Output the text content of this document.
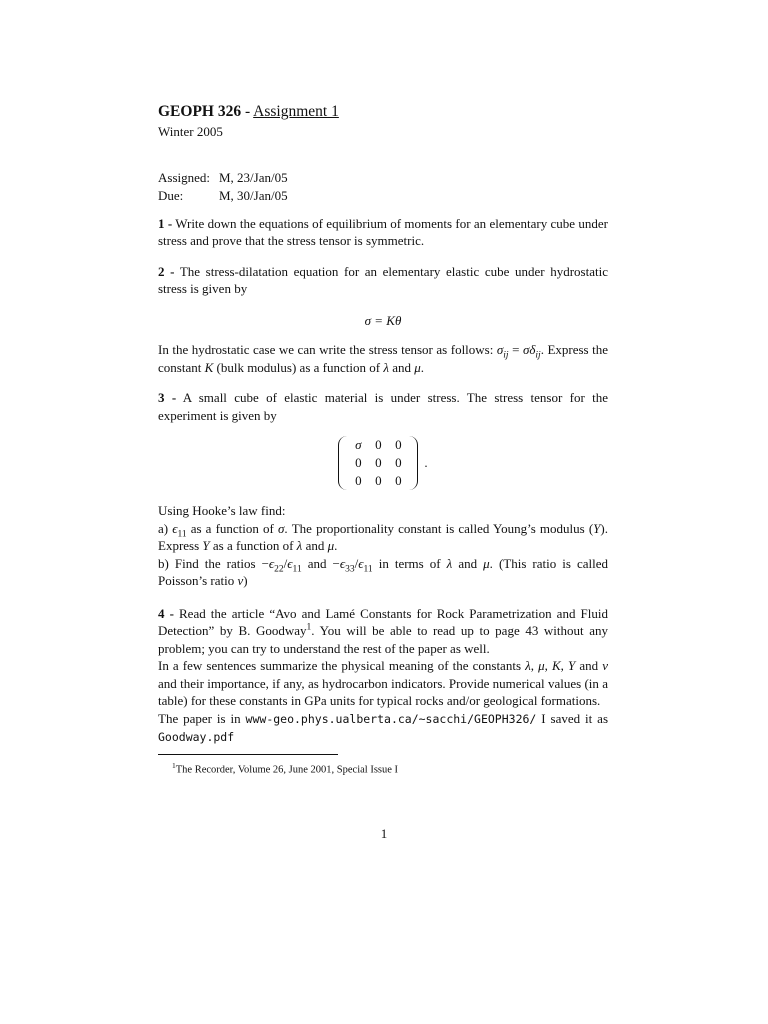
GEOPH 326 - Assignment 1
Winter 2005
Assigned: M, 23/Jan/05
Due:	M, 30/Jan/05
1 - Write down the equations of equilibrium of moments for an elementary cube under stress and prove that the stress tensor is symmetric.
2 - The stress-dilatation equation for an elementary elastic cube under hydrostatic stress is given by
σ = Kθ
In the hydrostatic case we can write the stress tensor as follows: $\sigma_{ij} = \sigma\delta_{ij}$. Express the constant K (bulk modulus) as a function of λ and μ.
3 - A small cube of elastic material is under stress. The stress tensor for the experiment is given by
σ	0	0
0	0	0
0	0	0
.
Using Hooke’s law find:
a) $\epsilon_{11}$ as a function of σ. The proportionality constant is called Young’s modulus (Y). Express Y as a function of λ and μ.
b) Find the ratios $-\epsilon_{22}/\epsilon_{11}$ and $-\epsilon_{33}/\epsilon_{11}$ in terms of λ and μ. (This ratio is called Poisson’s ratio ν)
4 - Read the article “Avo and Lamé Constants for Rock Parametrization and Fluid Detection” by B. Goodway$^1$. You will be able to read up to page 43 without any problem; you can try to understand the rest of the paper as well.
In a few sentences summarize the physical meaning of the constants λ, μ, K, Y and ν and their importance, if any, as hydrocarbon indicators. Provide numerical values (in a table) for these constants in GPa units for typical rocks and/or geological formations.
The paper is in www-geo.phys.ualberta.ca/~sacchi/GEOPH326/ I saved it as Goodway.pdf
$^1$The Recorder, Volume 26, June 2001, Special Issue I
1
